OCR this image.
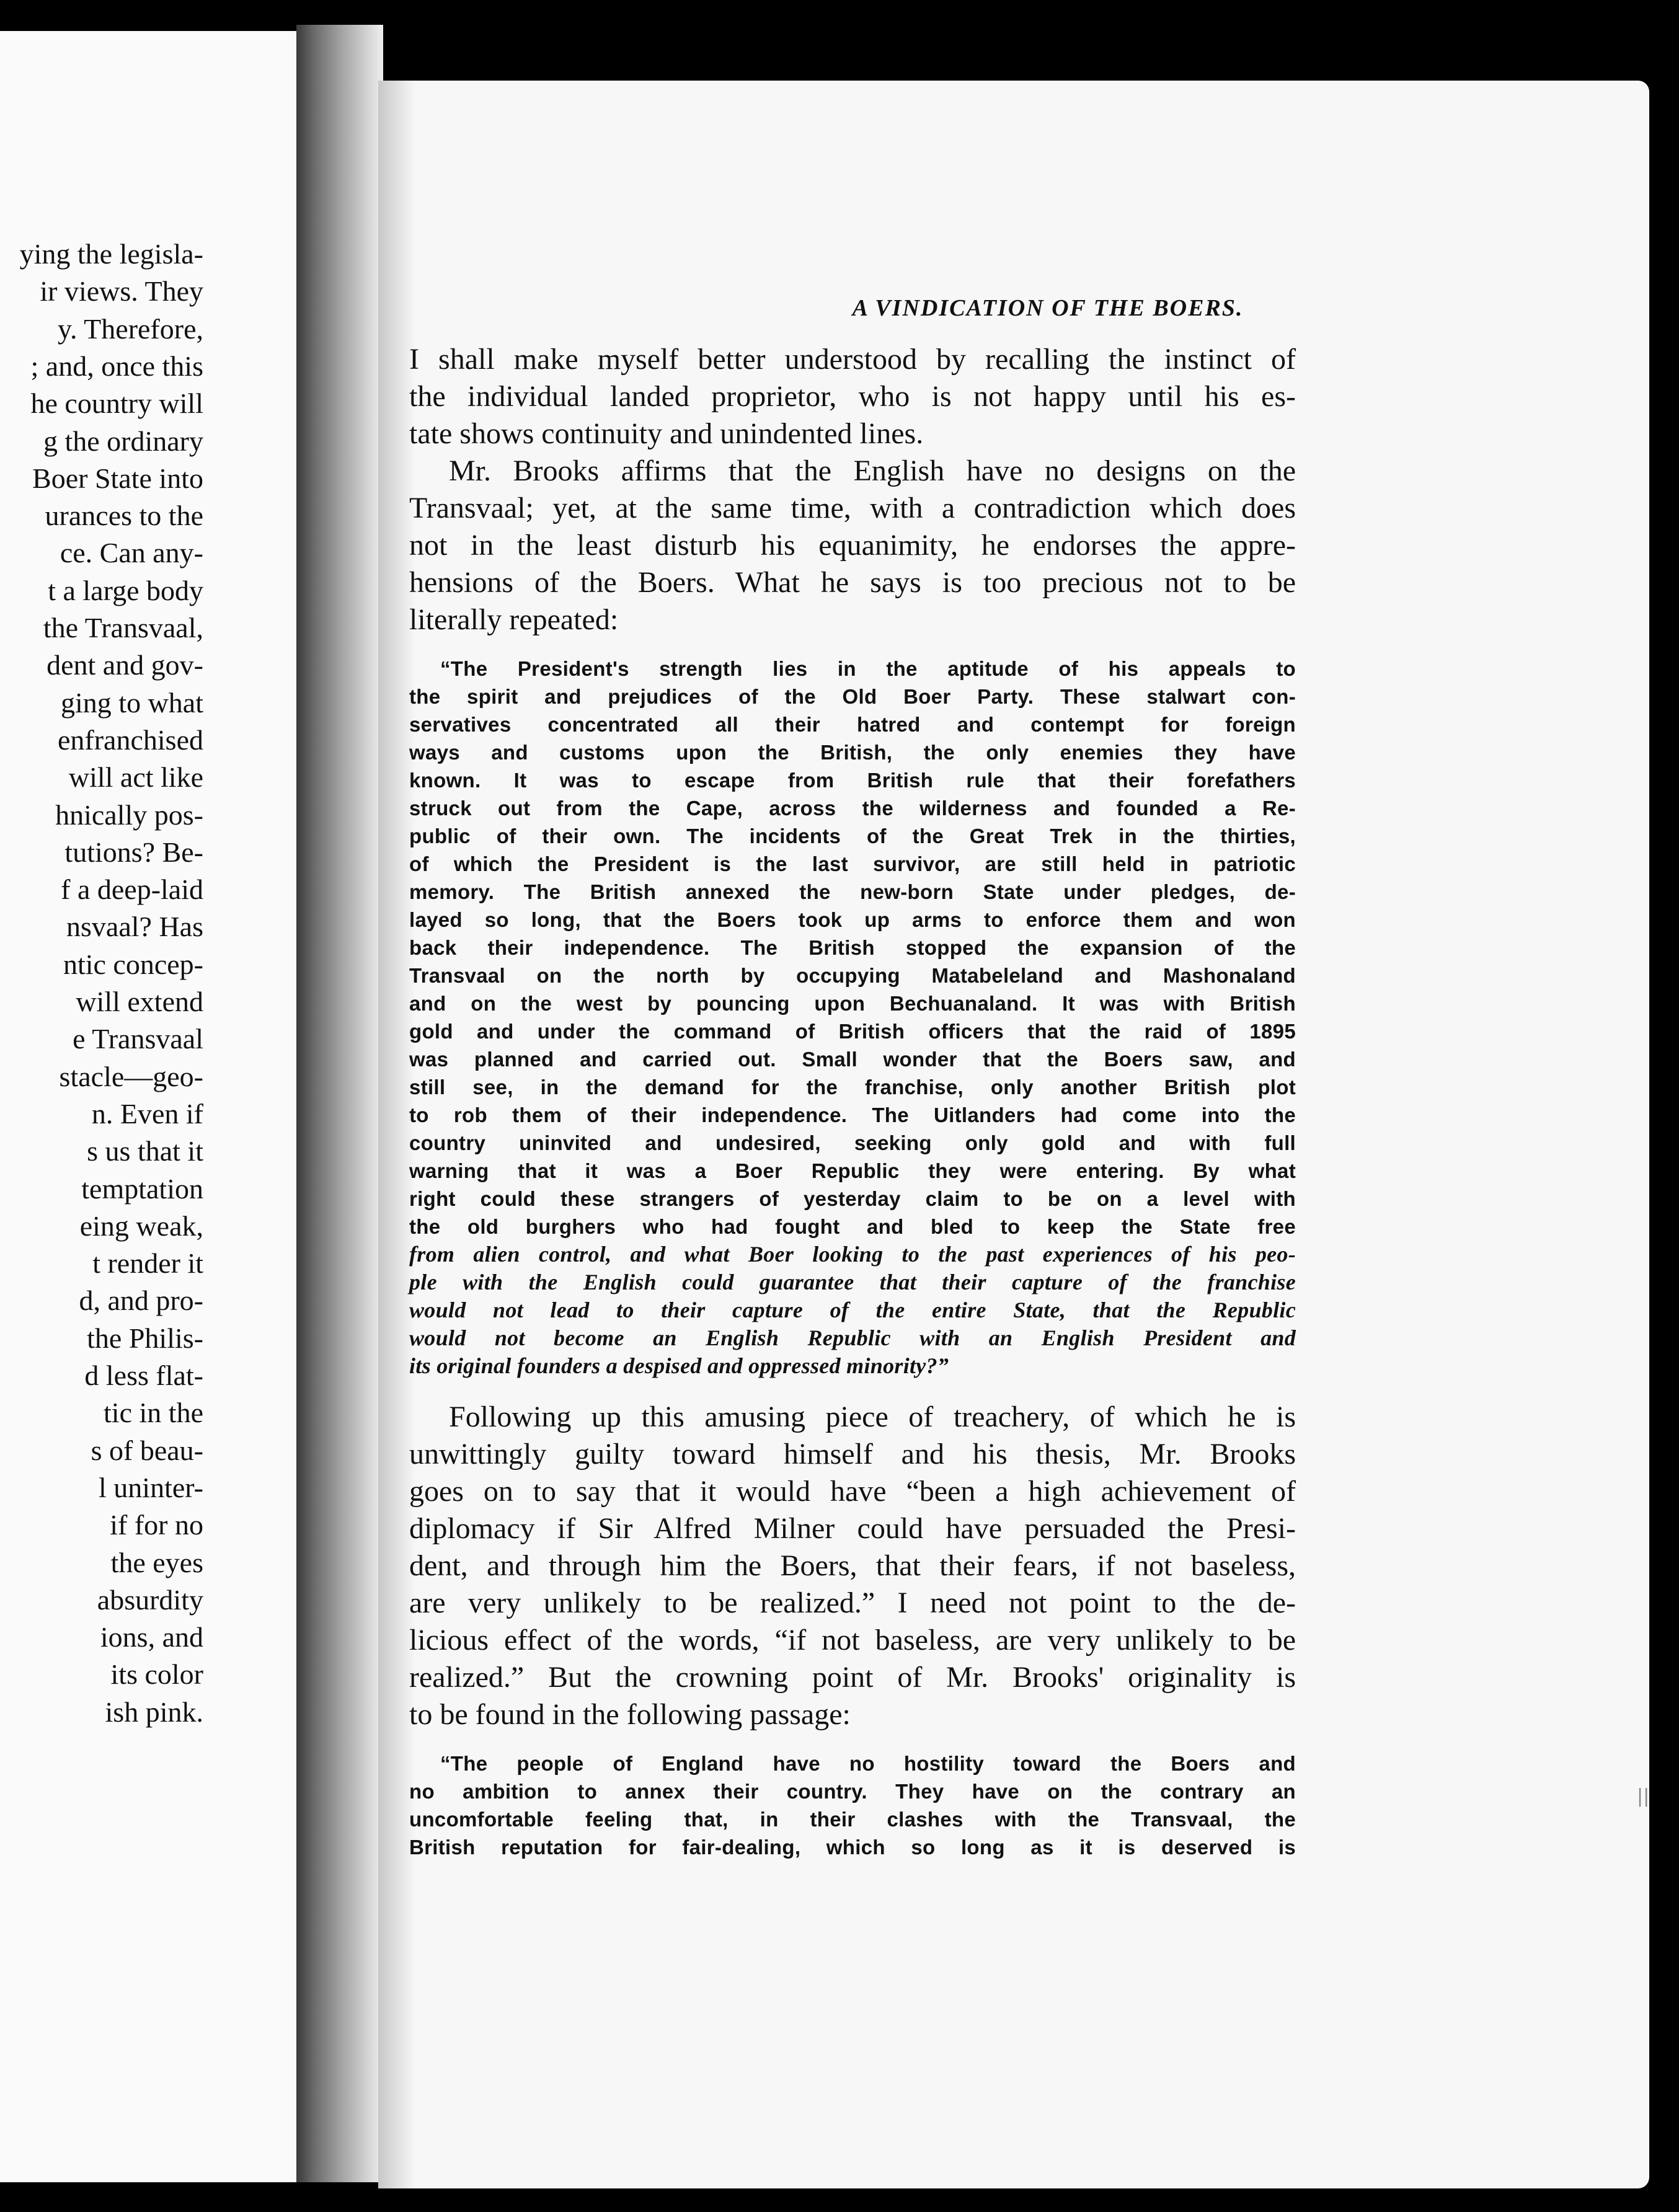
ying the legisla-
ir views. They
y. Therefore,
; and, once this
he country will
g the ordinary
Boer State into
urances to the
ce. Can any-
t a large body
the Transvaal,
dent and gov-
ging to what
enfranchised
will act like
hnically pos-
tutions? Be-
f a deep-laid
nsvaal? Has
ntic concep-
will extend
e Transvaal
stacle—geo-
n. Even if
s us that it
temptation
eing weak,
t render it
d, and pro-
the Philis-
d less flat-
tic in the
s of beau-
l uninter-
if for no
the eyes
absurdity
ions, and
its color
ish pink.
A VINDICATION OF THE BOERS.
I shall make myself better understood by recalling the instinct of
the individual landed proprietor, who is not happy until his es-
tate shows continuity and unindented lines.
Mr. Brooks affirms that the English have no designs on the
Transvaal; yet, at the same time, with a contradiction which does
not in the least disturb his equanimity, he endorses the appre-
hensions of the Boers. What he says is too precious not to be
literally repeated:
“The President's strength lies in the aptitude of his appeals to
the spirit and prejudices of the Old Boer Party. These stalwart con-
servatives concentrated all their hatred and contempt for foreign
ways and customs upon the British, the only enemies they have
known. It was to escape from British rule that their forefathers
struck out from the Cape, across the wilderness and founded a Re-
public of their own. The incidents of the Great Trek in the thirties,
of which the President is the last survivor, are still held in patriotic
memory. The British annexed the new-born State under pledges, de-
layed so long, that the Boers took up arms to enforce them and won
back their independence. The British stopped the expansion of the
Transvaal on the north by occupying Matabeleland and Mashonaland
and on the west by pouncing upon Bechuanaland. It was with British
gold and under the command of British officers that the raid of 1895
was planned and carried out. Small wonder that the Boers saw, and
still see, in the demand for the franchise, only another British plot
to rob them of their independence. The Uitlanders had come into the
country uninvited and undesired, seeking only gold and with full
warning that it was a Boer Republic they were entering. By what
right could these strangers of yesterday claim to be on a level with
the old burghers who had fought and bled to keep the State free
from alien control, and what Boer looking to the past experiences of his peo-
ple with the English could guarantee that their capture of the franchise
would not lead to their capture of the entire State, that the Republic
would not become an English Republic with an English President and
its original founders a despised and oppressed minority?”
Following up this amusing piece of treachery, of which he is
unwittingly guilty toward himself and his thesis, Mr. Brooks
goes on to say that it would have “been a high achievement of
diplomacy if Sir Alfred Milner could have persuaded the Presi-
dent, and through him the Boers, that their fears, if not baseless,
are very unlikely to be realized.” I need not point to the de-
licious effect of the words, “if not baseless, are very unlikely to be
realized.” But the crowning point of Mr. Brooks' originality is
to be found in the following passage:
“The people of England have no hostility toward the Boers and
no ambition to annex their country. They have on the contrary an
uncomfortable feeling that, in their clashes with the Transvaal, the
British reputation for fair-dealing, which so long as it is deserved is
||
